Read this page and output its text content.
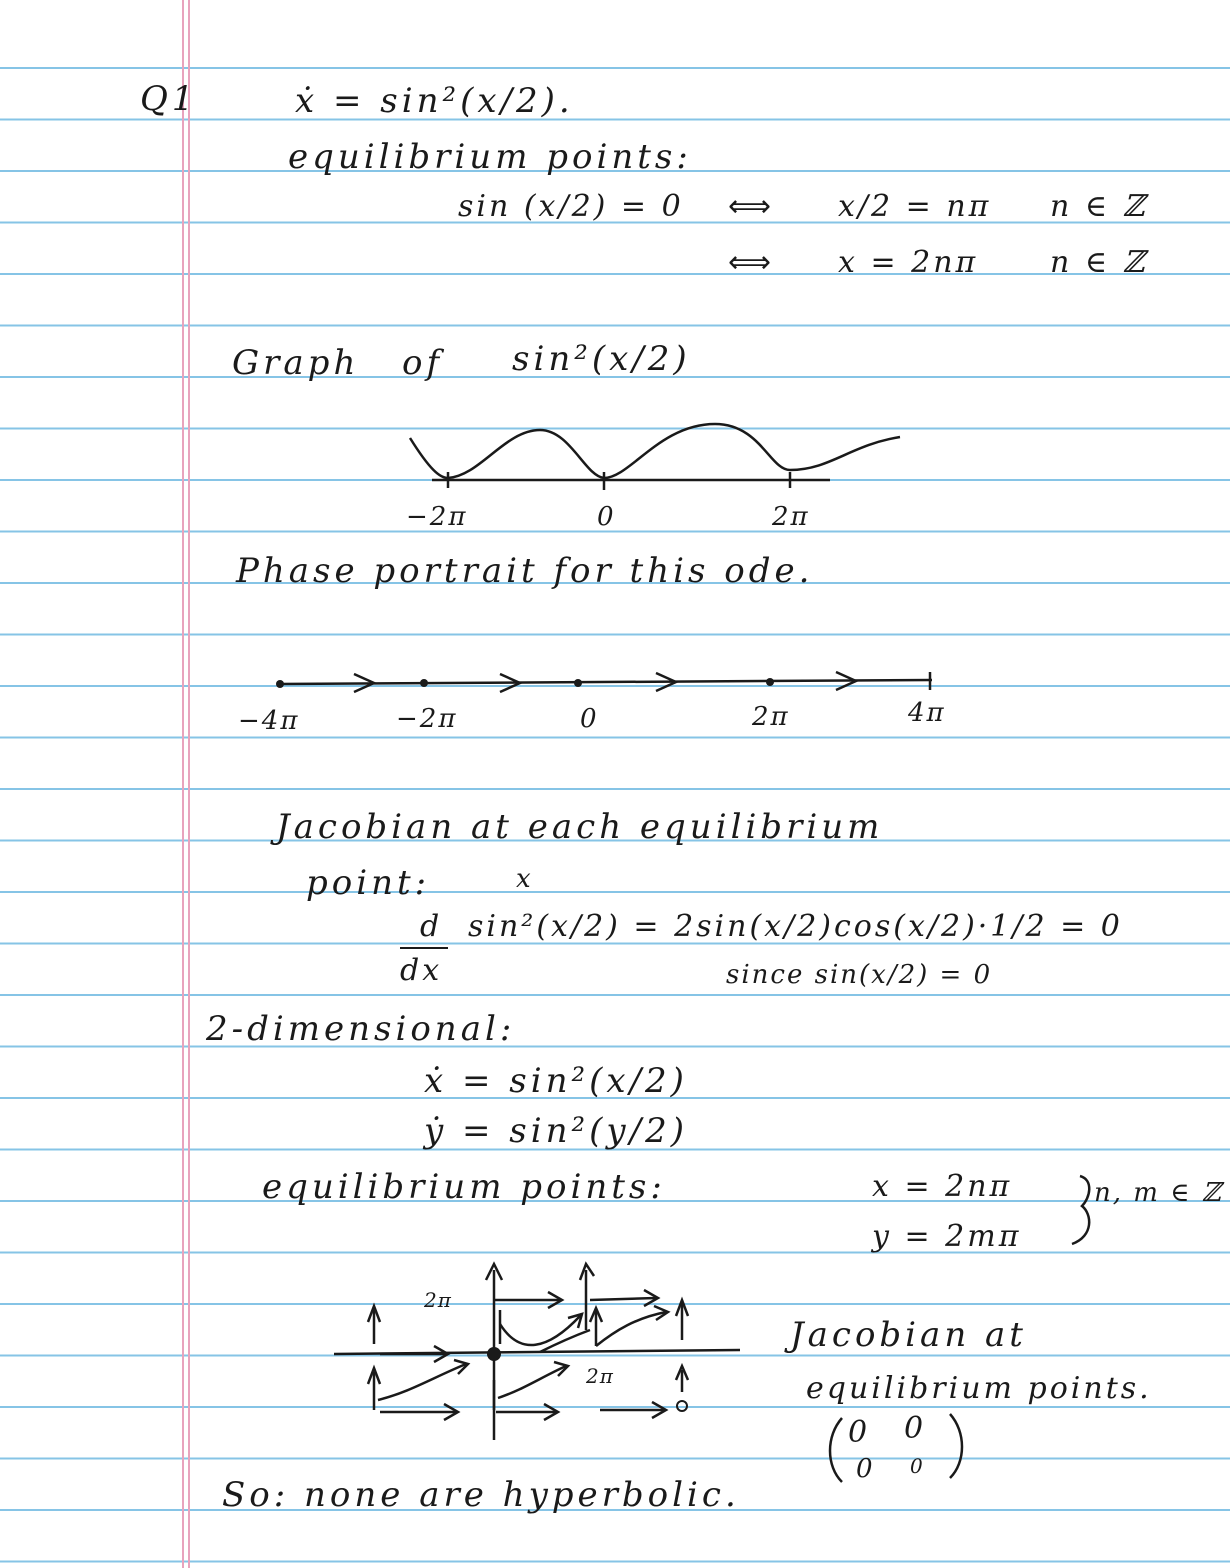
Q1	ẋ = sin²(x/2).
equilibrium points:
sin (x/2) = 0 ⟺ x/2 = nπ n ∈ ℤ
⟺ x = 2nπ n ∈ ℤ
Graph of sin²(x/2)
−2π	0	2π
Phase portrait for this ode.
−4π	−2π	0	2π	4π
Jacobian at each equilibrium
point:	x
d sin²(x/2) = 2sin(x/2)cos(x/2)·1/2 = 0
dx	since sin(x/2) = 0
2-dimensional:
ẋ = sin²(x/2)
ẏ = sin²(y/2)
equilibrium points:	x = 2nπ
y = 2mπ
n, m ∈ ℤ
2π
2π
Jacobian at
equilibrium points.
0 0
0 0
So: none are hyperbolic.
